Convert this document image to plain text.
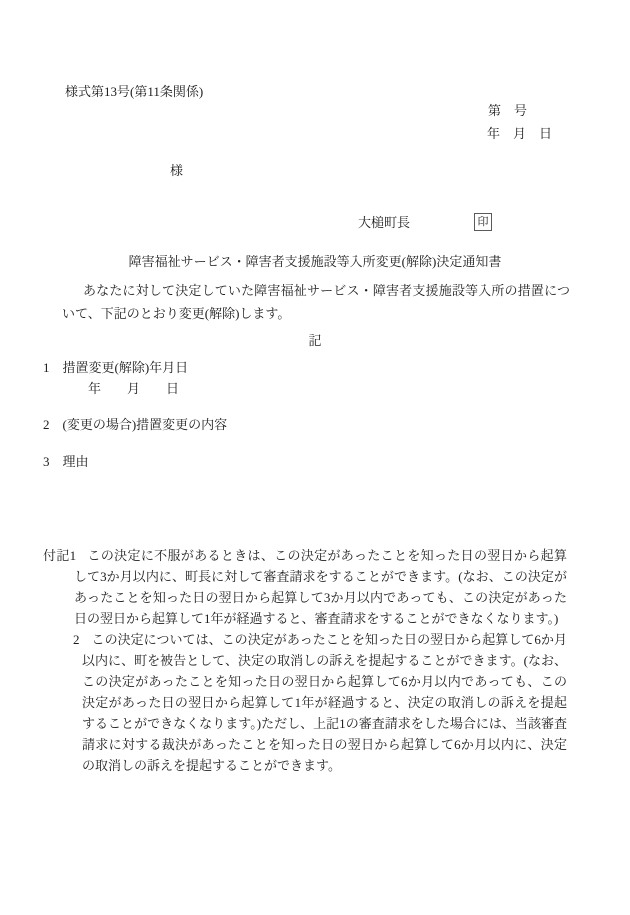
様式第13号(第11条関係)
第　号
年　月　日
様
大槌町長	印
障害福祉サービス・障害者支援施設等入所変更(解除)決定通知書
あなたに対して決定していた障害福祉サービス・障害者支援施設等入所の措置について、下記のとおり変更(解除)します。
記
1 措置変更(解除)年月日
年　　月　　日
2 (変更の場合)措置変更の内容
3 理由

付記1 この決定に不服があるときは、この決定があったことを知った日の翌日から起算して3か月以内に、町長に対して審査請求をすることができます。(なお、この決定があったことを知った日の翌日から起算して3か月以内であっても、この決定があった日の翌日から起算して1年が経過すると、審査請求をすることができなくなります。)

2 この決定については、この決定があったことを知った日の翌日から起算して6か月以内に、町を被告として、決定の取消しの訴えを提起することができます。(なお、この決定があったことを知った日の翌日から起算して6か月以内であっても、この決定があった日の翌日から起算して1年が経過すると、決定の取消しの訴えを提起することができなくなります。)ただし、上記1の審査請求をした場合には、当該審査請求に対する裁決があったことを知った日の翌日から起算して6か月以内に、決定の取消しの訴えを提起することができます。
